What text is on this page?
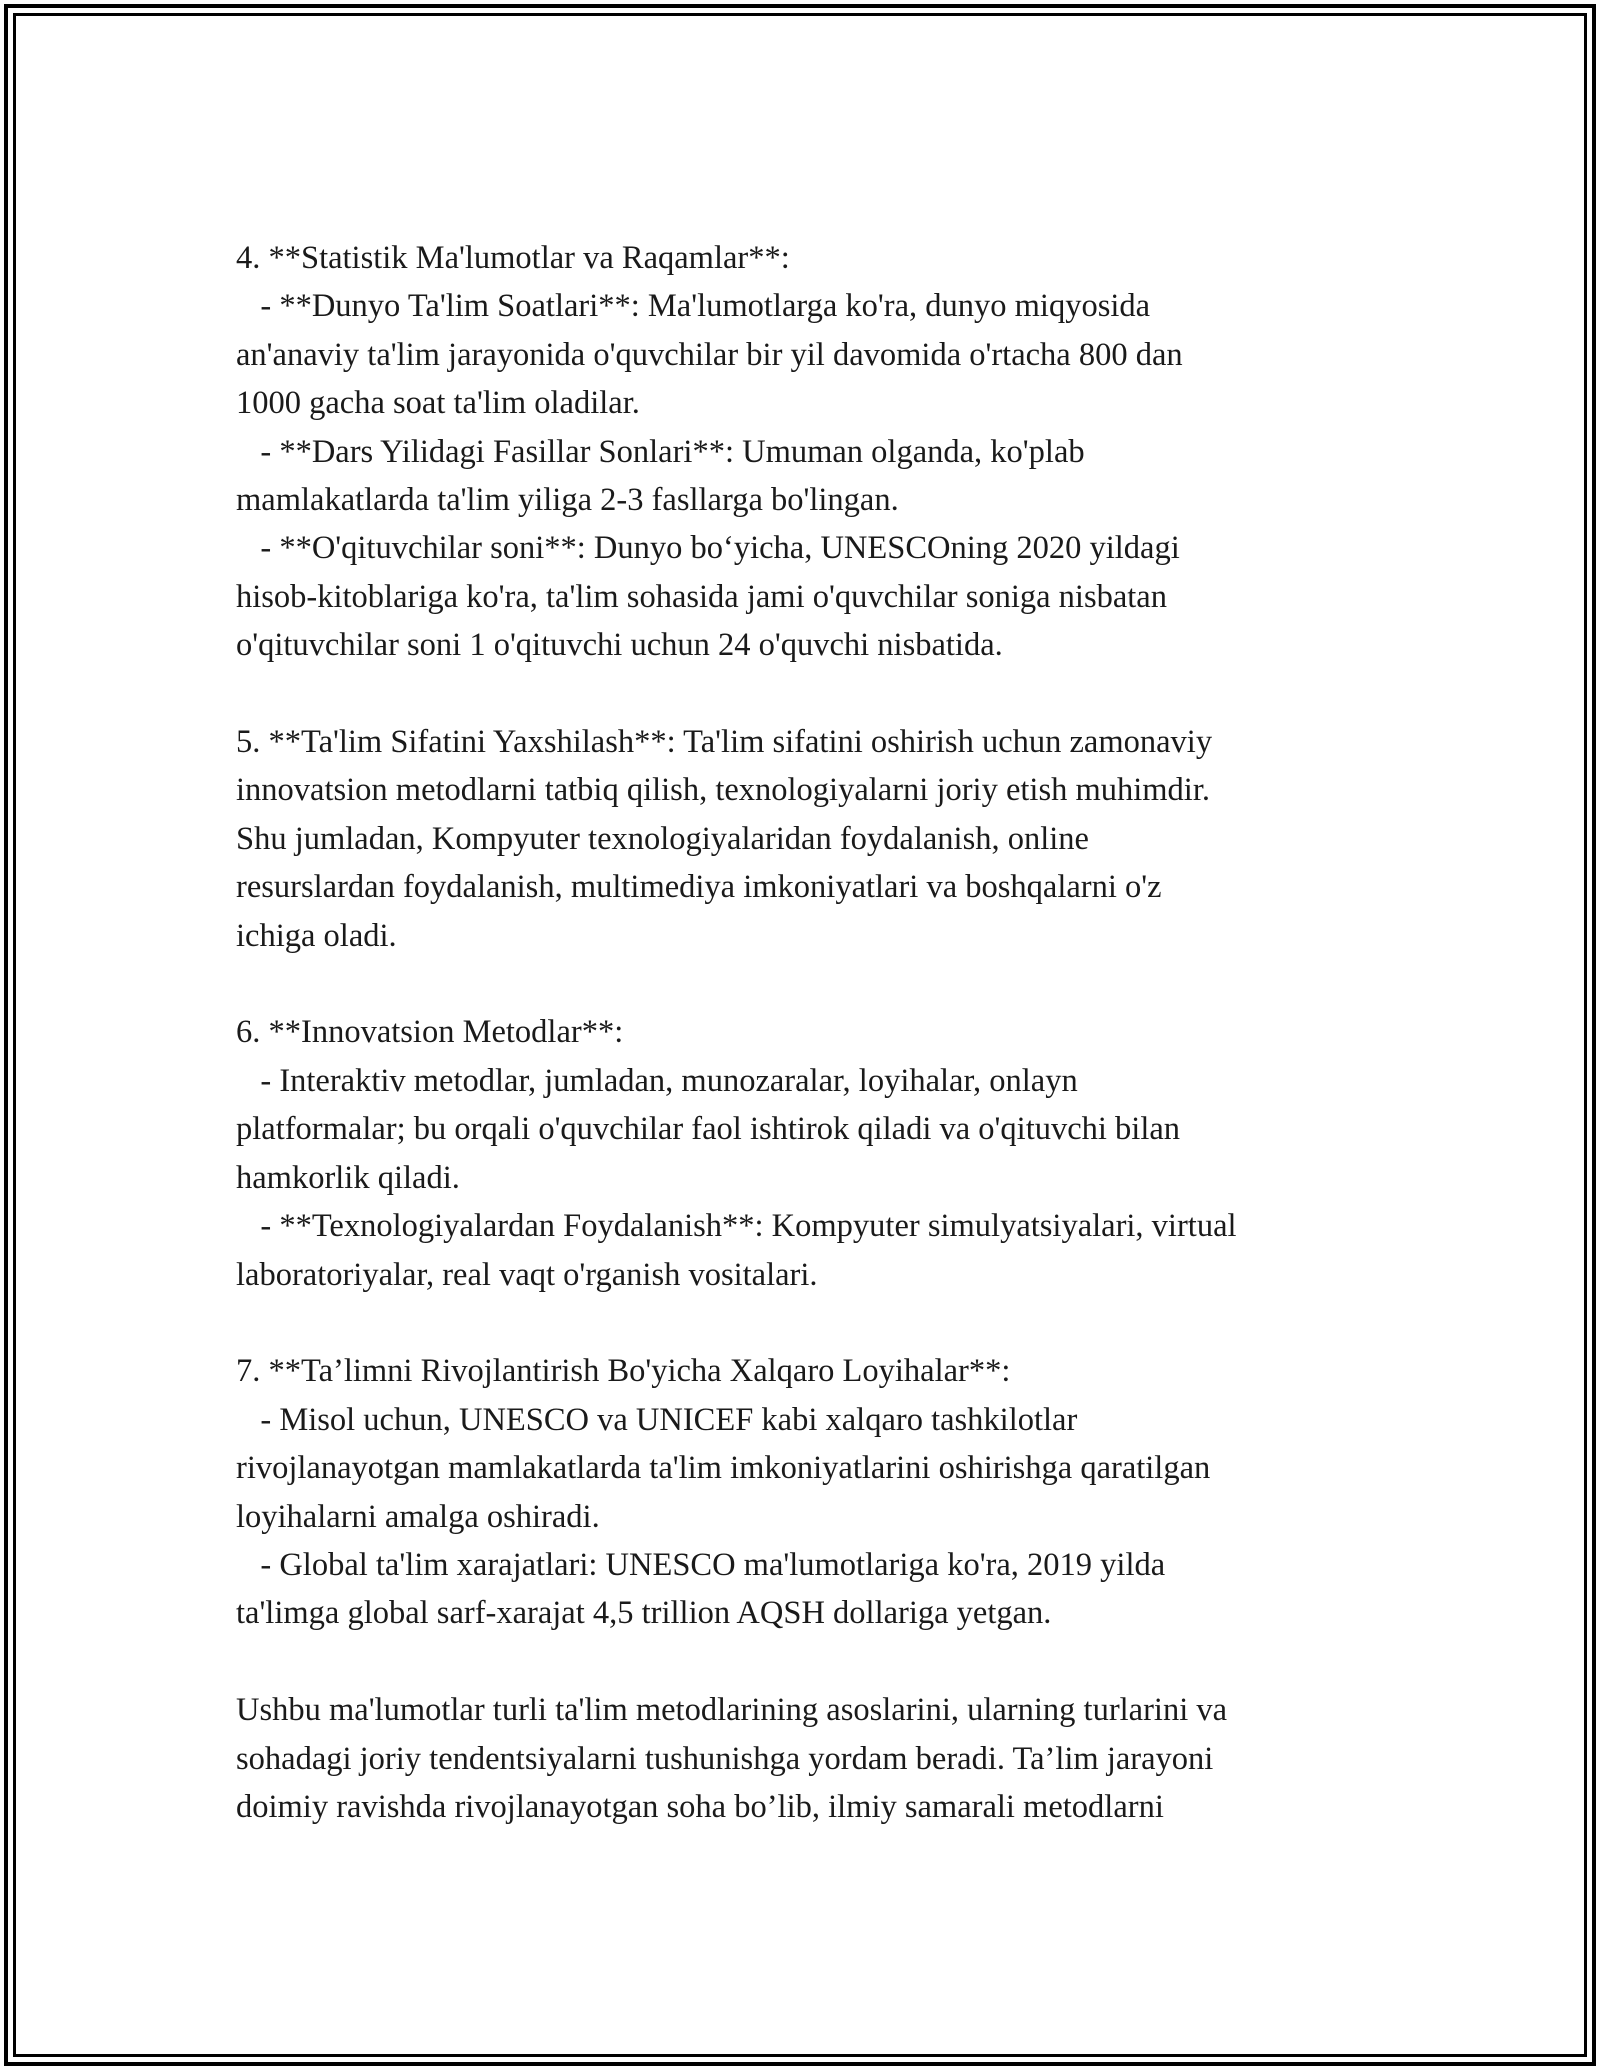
4. **Statistik Ma'lumotlar va Raqamlar**:
- **Dunyo Ta'lim Soatlari**: Ma'lumotlarga ko'ra, dunyo miqyosida
an'anaviy ta'lim jarayonida o'quvchilar bir yil davomida o'rtacha 800 dan
1000 gacha soat ta'lim oladilar.
- **Dars Yilidagi Fasillar Sonlari**: Umuman olganda, ko'plab
mamlakatlarda ta'lim yiliga 2-3 fasllarga bo'lingan.
- **O'qituvchilar soni**: Dunyo bo‘yicha, UNESCOning 2020 yildagi
hisob-kitoblariga ko'ra, ta'lim sohasida jami o'quvchilar soniga nisbatan
o'qituvchilar soni 1 o'qituvchi uchun 24 o'quvchi nisbatida.
5. **Ta'lim Sifatini Yaxshilash**: Ta'lim sifatini oshirish uchun zamonaviy
innovatsion metodlarni tatbiq qilish, texnologiyalarni joriy etish muhimdir.
Shu jumladan, Kompyuter texnologiyalaridan foydalanish, online
resurslardan foydalanish, multimediya imkoniyatlari va boshqalarni o'z
ichiga oladi.
6. **Innovatsion Metodlar**:
- Interaktiv metodlar, jumladan, munozaralar, loyihalar, onlayn
platformalar; bu orqali o'quvchilar faol ishtirok qiladi va o'qituvchi bilan
hamkorlik qiladi.
- **Texnologiyalardan Foydalanish**: Kompyuter simulyatsiyalari, virtual
laboratoriyalar, real vaqt o'rganish vositalari.
7. **Ta’limni Rivojlantirish Bo'yicha Xalqaro Loyihalar**:
- Misol uchun, UNESCO va UNICEF kabi xalqaro tashkilotlar
rivojlanayotgan mamlakatlarda ta'lim imkoniyatlarini oshirishga qaratilgan
loyihalarni amalga oshiradi.
- Global ta'lim xarajatlari: UNESCO ma'lumotlariga ko'ra, 2019 yilda
ta'limga global sarf-xarajat 4,5 trillion AQSH dollariga yetgan.
Ushbu ma'lumotlar turli ta'lim metodlarining asoslarini, ularning turlarini va
sohadagi joriy tendentsiyalarni tushunishga yordam beradi. Ta’lim jarayoni
doimiy ravishda rivojlanayotgan soha bo’lib, ilmiy samarali metodlarni
